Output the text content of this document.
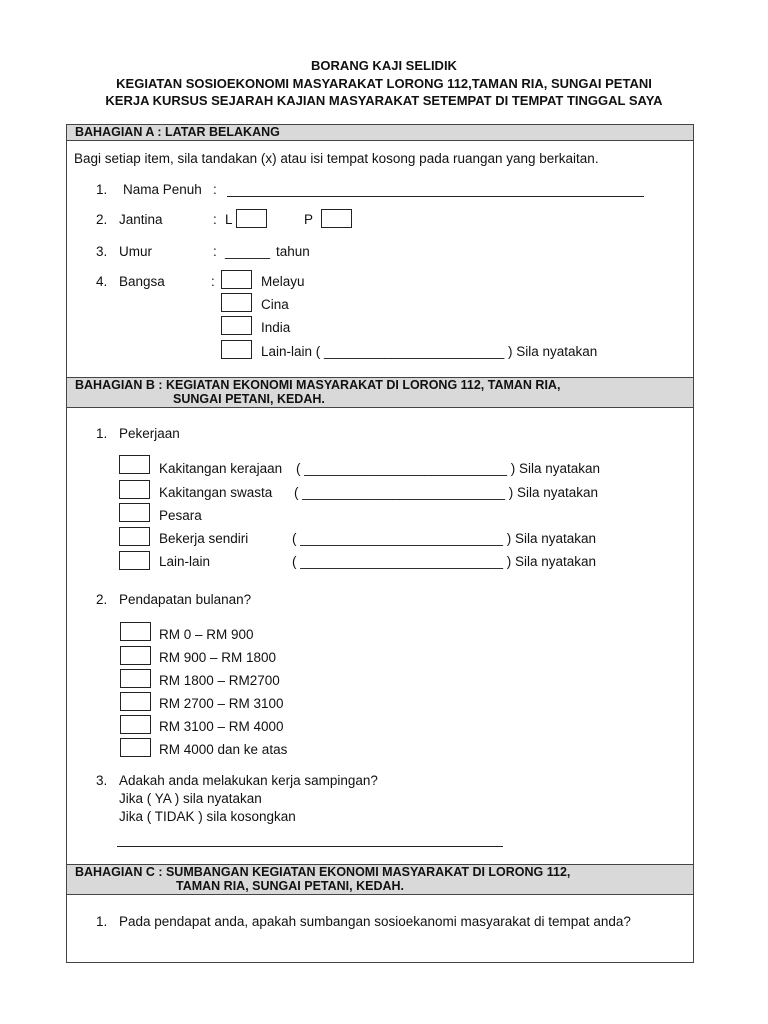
BORANG KAJI SELIDIK
KEGIATAN SOSIOEKONOMI MASYARAKAT LORONG 112,TAMAN RIA, SUNGAI PETANI
KERJA KURSUS SEJARAH KAJIAN MASYARAKAT SETEMPAT DI TEMPAT TINGGAL SAYA
BAHAGIAN A : LATAR BELAKANG
Bagi setiap item, sila tandakan (x) atau isi tempat kosong pada ruangan yang berkaitan.
1. Nama Penuh :
2. Jantina	: L	P
3. Umur	: ______ tahun
4. Bangsa	:	Melayu
Cina
India
Lain-lain ( ________________________ ) Sila nyatakan
BAHAGIAN B : KEGIATAN EKONOMI MASYARAKAT DI LORONG 112, TAMAN RIA,
SUNGAI PETANI, KEDAH.
1. Pekerjaan
Kakitangan kerajaan ( ___________________________ ) Sila nyatakan
Kakitangan swasta ( ___________________________ ) Sila nyatakan
Pesara
Bekerja sendiri	( ___________________________ ) Sila nyatakan
Lain-lain	( ___________________________ ) Sila nyatakan
2. Pendapatan bulanan?
RM 0 – RM 900
RM 900 – RM 1800
RM 1800 – RM2700
RM 2700 – RM 3100
RM 3100 – RM 4000
RM 4000 dan ke atas
3. Adakah anda melakukan kerja sampingan?
Jika ( YA ) sila nyatakan
Jika ( TIDAK ) sila kosongkan
BAHAGIAN C : SUMBANGAN KEGIATAN EKONOMI MASYARAKAT DI LORONG 112,
TAMAN RIA, SUNGAI PETANI, KEDAH.
1. Pada pendapat anda, apakah sumbangan sosioekanomi masyarakat di tempat anda?
